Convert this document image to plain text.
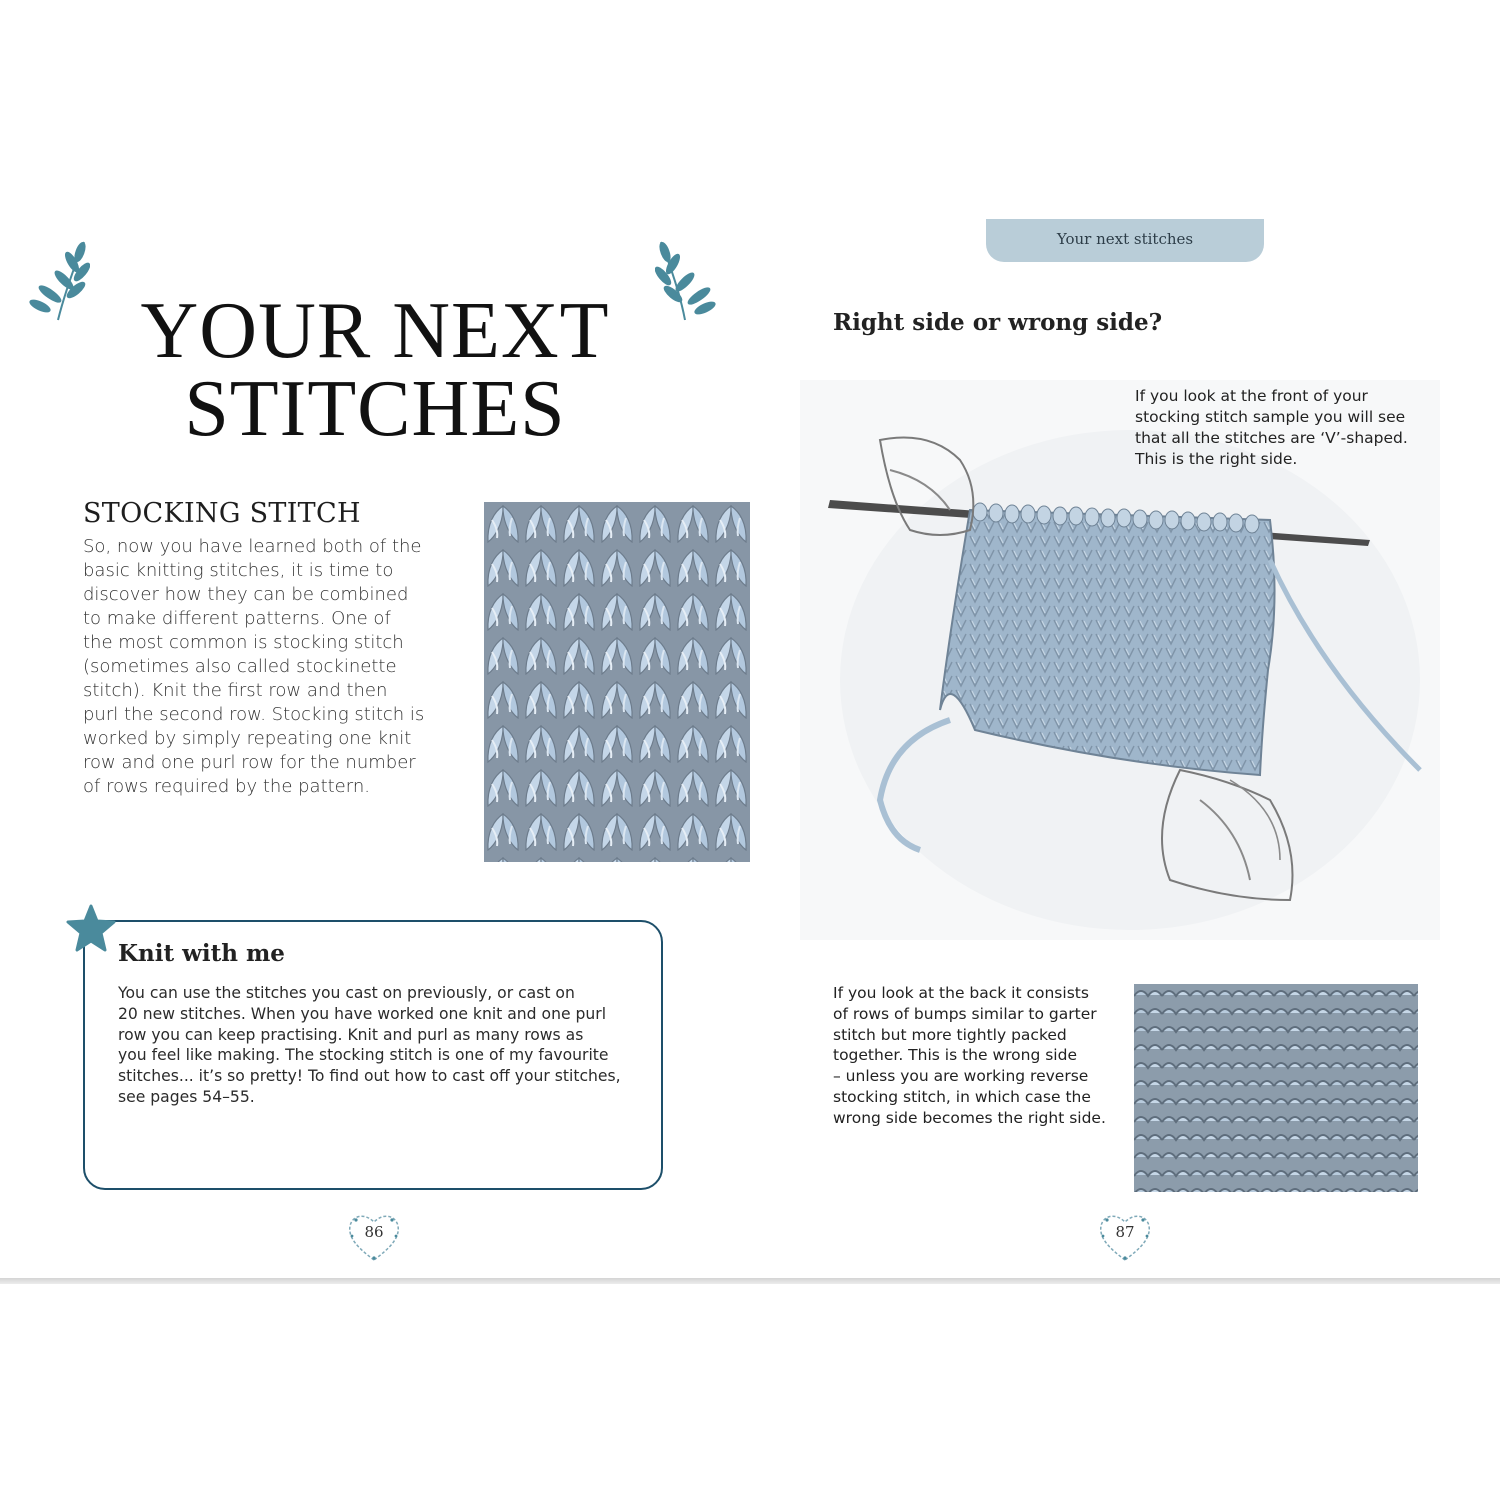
YOUR NEXT
STITCHES
STOCKING STITCH
So, now you have learned both of the
basic knitting stitches, it is time to
discover how they can be combined
to make different patterns. One of
the most common is stocking stitch
(sometimes also called stockinette
stitch). Knit the first row and then
purl the second row. Stocking stitch is
worked by simply repeating one knit
row and one purl row for the number
of rows required by the pattern.
Knit with me
You can use the stitches you cast on previously, or cast on
20 new stitches. When you have worked one knit and one purl
row you can keep practising. Knit and purl as many rows as
you feel like making. The stocking stitch is one of my favourite
stitches... it’s so pretty! To find out how to cast off your stitches,
see pages 54–55.
86
Your next stitches
Right side or wrong side?
If you look at the front of your
stocking stitch sample you will see
that all the stitches are ‘V’-shaped.
This is the right side.
If you look at the back it consists
of rows of bumps similar to garter
stitch but more tightly packed
together. This is the wrong side
– unless you are working reverse
stocking stitch, in which case the
wrong side becomes the right side.
87
